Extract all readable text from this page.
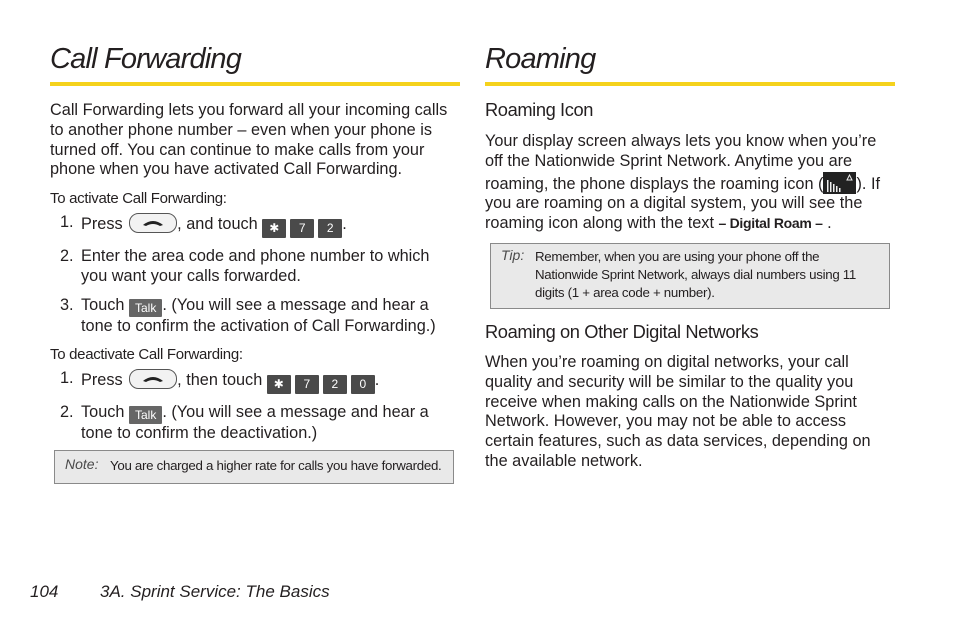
Call Forwarding

Call Forwarding lets you forward all your incoming calls to another phone number – even when your phone is turned off. You can continue to make calls from your phone when you have activated Call Forwarding.

To activate Call Forwarding:

1. Press	, and touch ✱ 7 2 .
2. Enter the area code and phone number to which you want your calls forwarded.
3. Touch Talk . (You will see a message and hear a tone to confirm the activation of Call Forwarding.)

To deactivate Call Forwarding:

1. Press	, then touch ✱ 7 2 0 .
2. Touch Talk . (You will see a message and hear a tone to confirm the deactivation.)
Note: You are charged a higher rate for calls you have forwarded.
Roaming
Roaming Icon

Your display screen always lets you know when you’re off the Nationwide Sprint Network. Anytime you are roaming, the phone displays the roaming icon ( ). If you are roaming on a digital system, you will see the roaming icon along with the text – Digital Roam – .

Tip: Remember, when you are using your phone off the Nationwide Sprint Network, always dial numbers using 11 digits (1 + area code + number).
Roaming on Other Digital Networks

When you’re roaming on digital networks, your call quality and security will be similar to the quality you receive when making calls on the Nationwide Sprint Network. However, you may not be able to access certain features, such as data services, depending on the available network.

104 3A. Sprint Service: The Basics
